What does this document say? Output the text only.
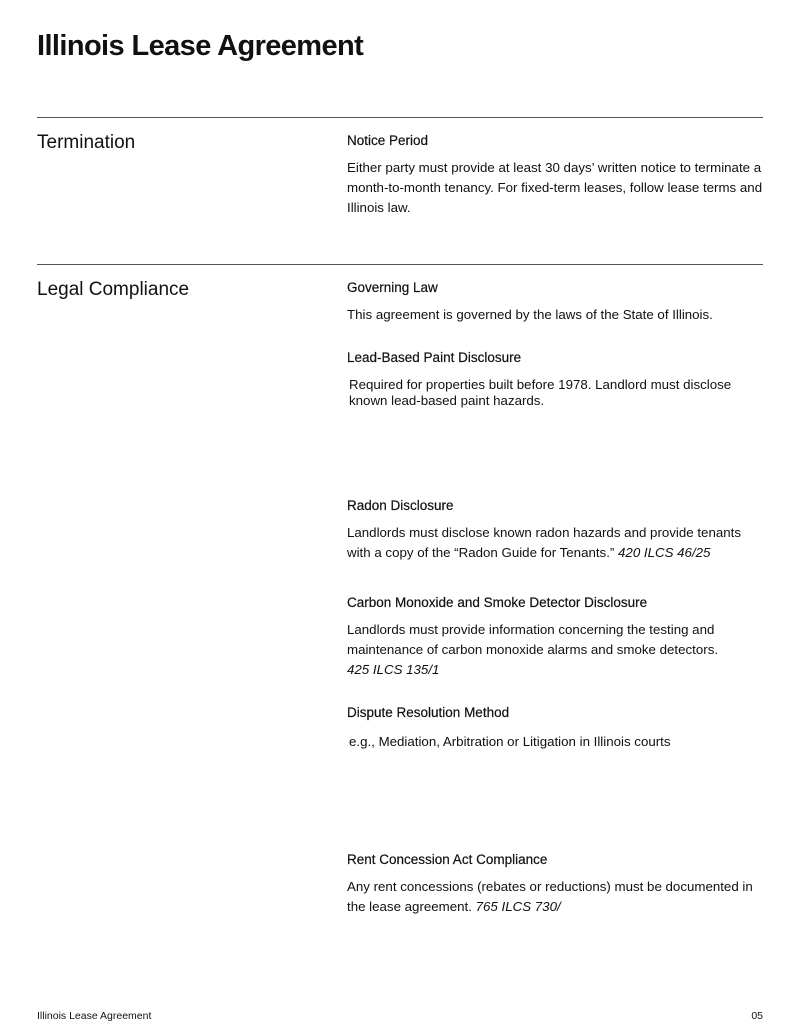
Illinois Lease Agreement
Termination	Notice Period

Either party must provide at least 30 days’ written notice to terminate a month-to-month tenancy. For fixed-term leases, follow lease terms and Illinois law.

Legal Compliance	Governing Law

This agreement is governed by the laws of the State of Illinois.

Lead-Based Paint Disclosure
Required for properties built before 1978. Landlord must disclose known lead-based paint hazards.
Radon Disclosure

Landlords must disclose known radon hazards and provide tenants with a copy of the “Radon Guide for Tenants.” 420 ILCS 46/25

Carbon Monoxide and Smoke Detector Disclosure

Landlords must provide information concerning the testing and maintenance of carbon monoxide alarms and smoke detectors.

425 ILCS 135/1

Dispute Resolution Method
e.g., Mediation, Arbitration or Litigation in Illinois courts
Rent Concession Act Compliance

Any rent concessions (rebates or reductions) must be documented in the lease agreement. 765 ILCS 730/

Illinois Lease Agreement	05
